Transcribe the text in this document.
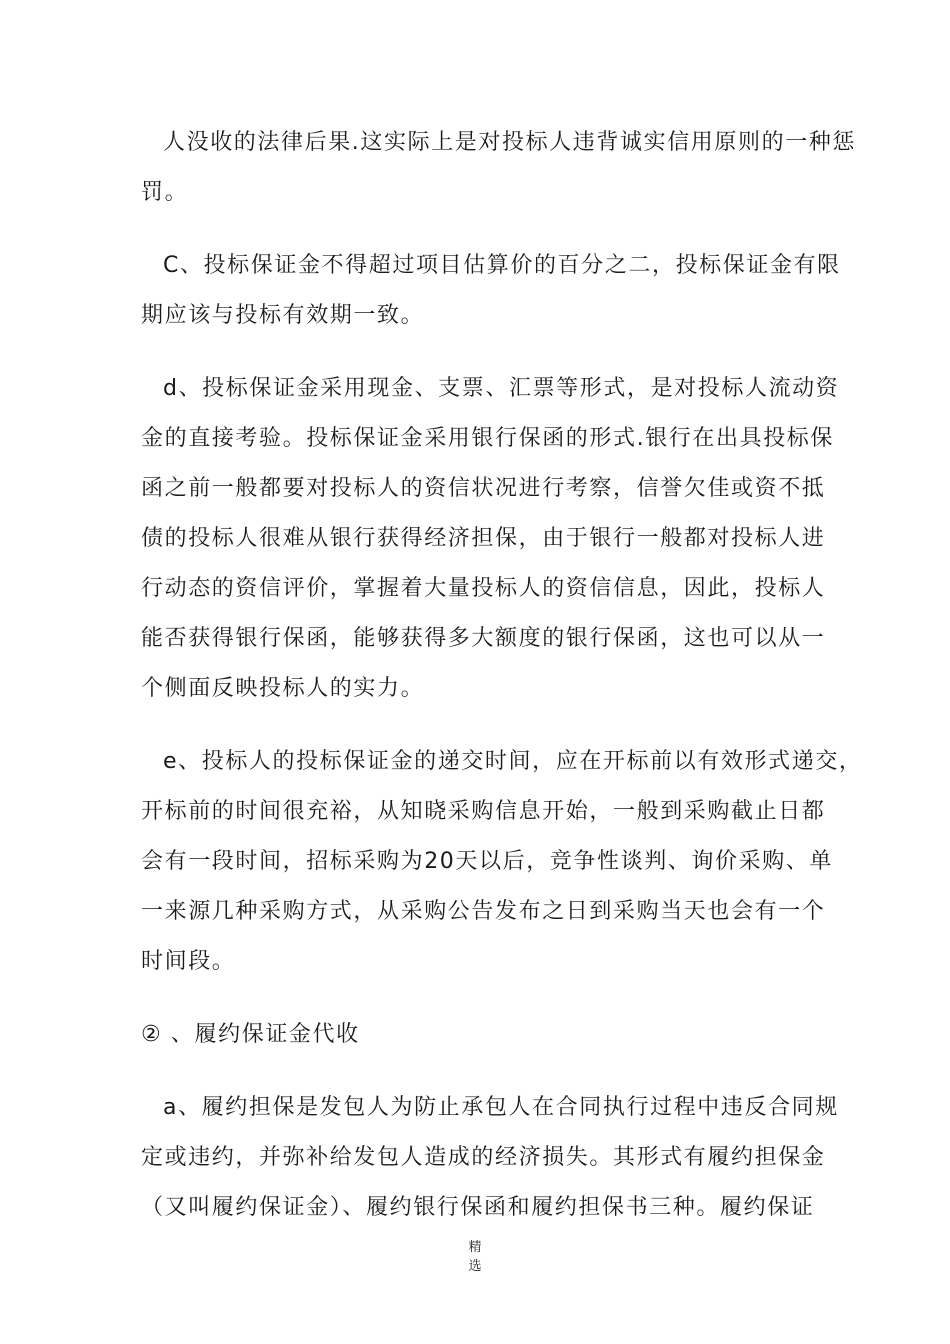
人没收的法律后果.这实际上是对投标人违背诚实信用原则的一种惩
罚。
C、投标保证金不得超过项目估算价的百分之二，投标保证金有限
期应该与投标有效期一致。
d、投标保证金采用现金、支票、汇票等形式，是对投标人流动资
金的直接考验。投标保证金采用银行保函的形式.银行在出具投标保
函之前一般都要对投标人的资信状况进行考察，信誉欠佳或资不抵
债的投标人很难从银行获得经济担保，由于银行一般都对投标人进
行动态的资信评价，掌握着大量投标人的资信信息，因此，投标人
能否获得银行保函，能够获得多大额度的银行保函，这也可以从一
个侧面反映投标人的实力。
e、投标人的投标保证金的递交时间，应在开标前以有效形式递交，
开标前的时间很充裕，从知晓采购信息开始，一般到采购截止日都
会有一段时间，招标采购为20天以后，竞争性谈判、询价采购、单
一来源几种采购方式，从采购公告发布之日到采购当天也会有一个
时间段。
② 、履约保证金代收
a、履约担保是发包人为防止承包人在合同执行过程中违反合同规
定或违约，并弥补给发包人造成的经济损失。其形式有履约担保金
（又叫履约保证金）、履约银行保函和履约担保书三种。履约保证
精
选
